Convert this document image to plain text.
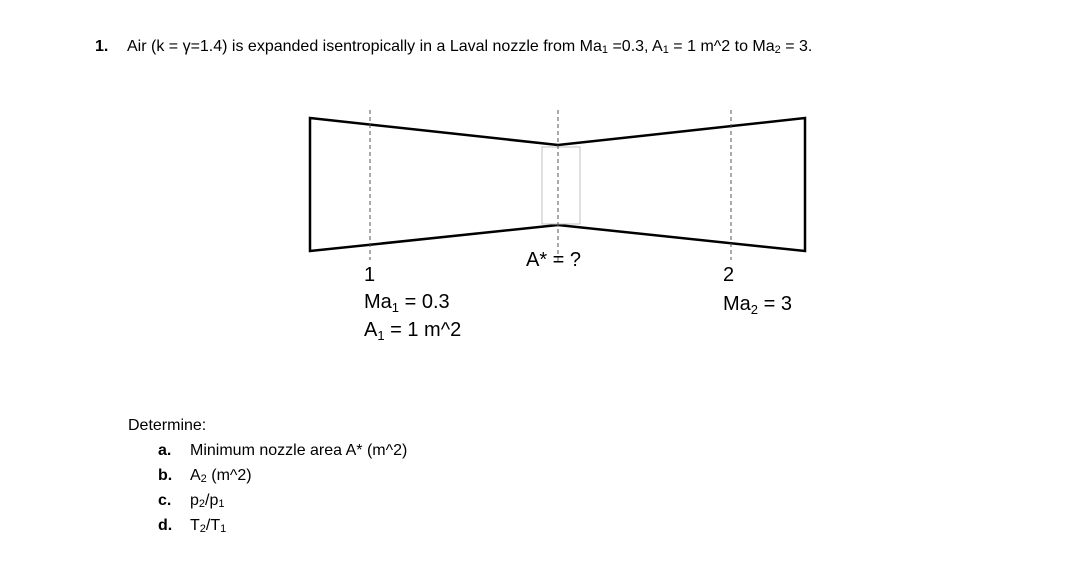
1. Air (k = γ=1.4) is expanded isentropically in a Laval nozzle from $Ma_1 =0.3$, $A_1 = 1$ m^2 to $Ma_2 = 3$.
A* = ?
1
$Ma_1 = 0.3$
$A_1 = 1$ m^2
2
$Ma_2 = 3$
Determine:
a. Minimum nozzle area A* (m^2)
b. $A_2$ (m^2)
c. $p_2/p_1$
d. $T_2/T_1$
